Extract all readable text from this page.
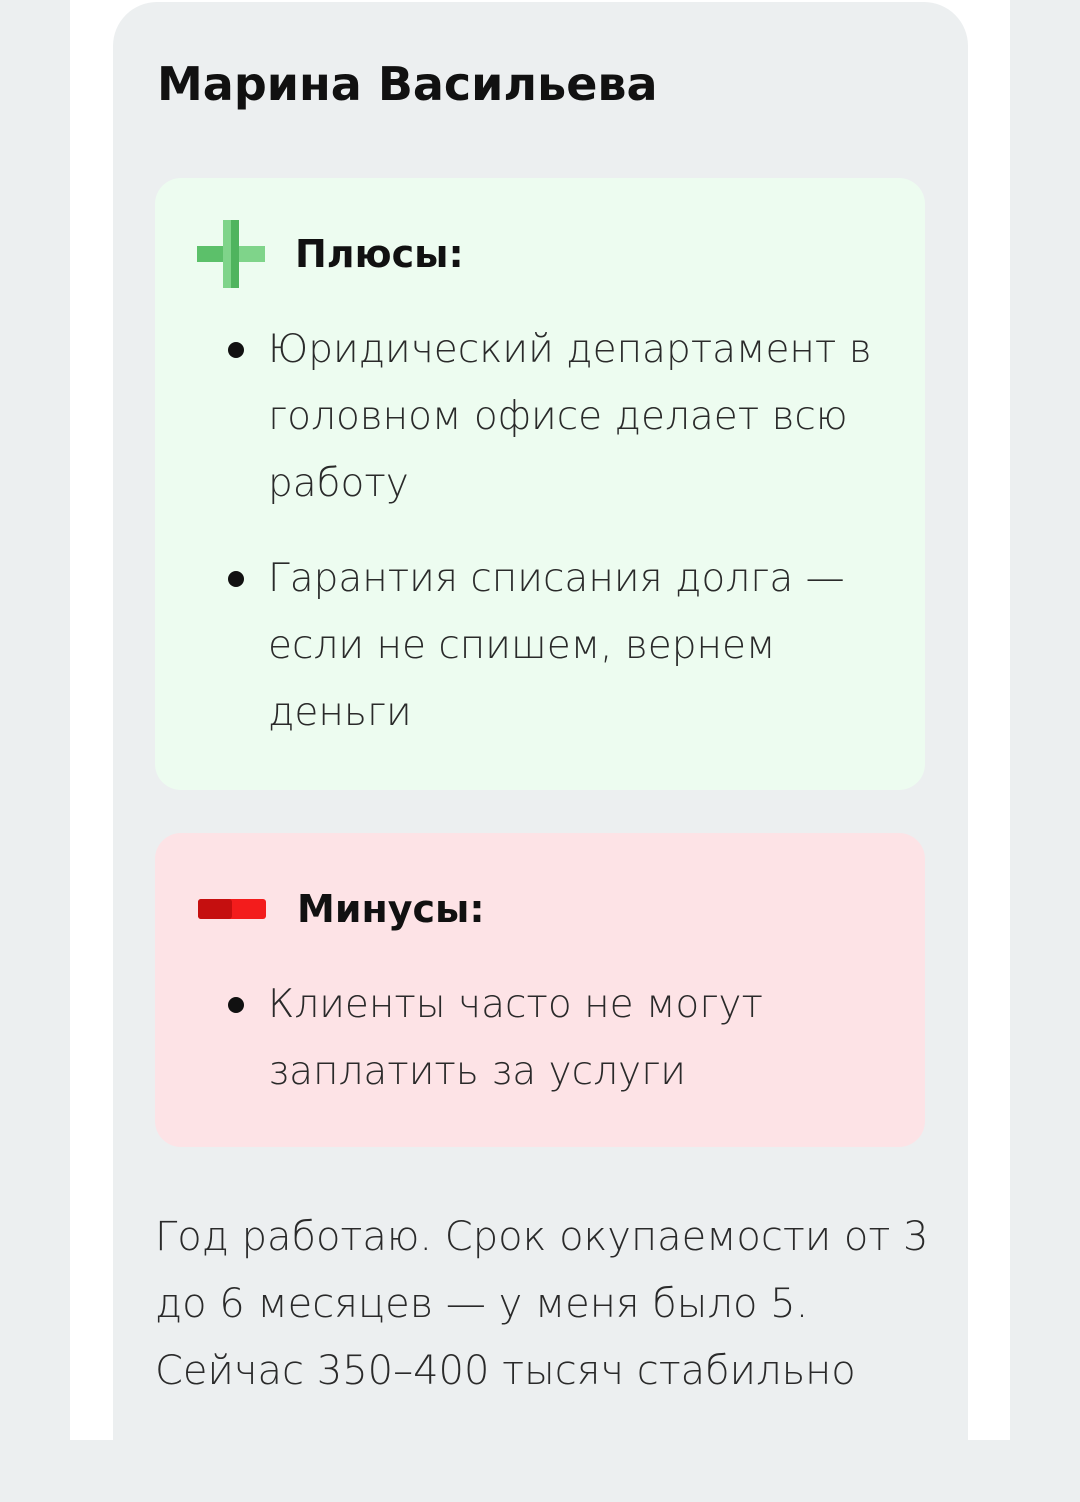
Марина Васильева
Плюсы:
Юридический департамент в головном офисе делает всю работу
Гарантия списания долга — если не спишем, вернем деньги
Минусы:
Клиенты часто не могут заплатить за услуги

Год работаю. Срок окупаемости от 3 до 6 месяцев — у меня было 5. Сейчас 350–400 тысяч стабильно
